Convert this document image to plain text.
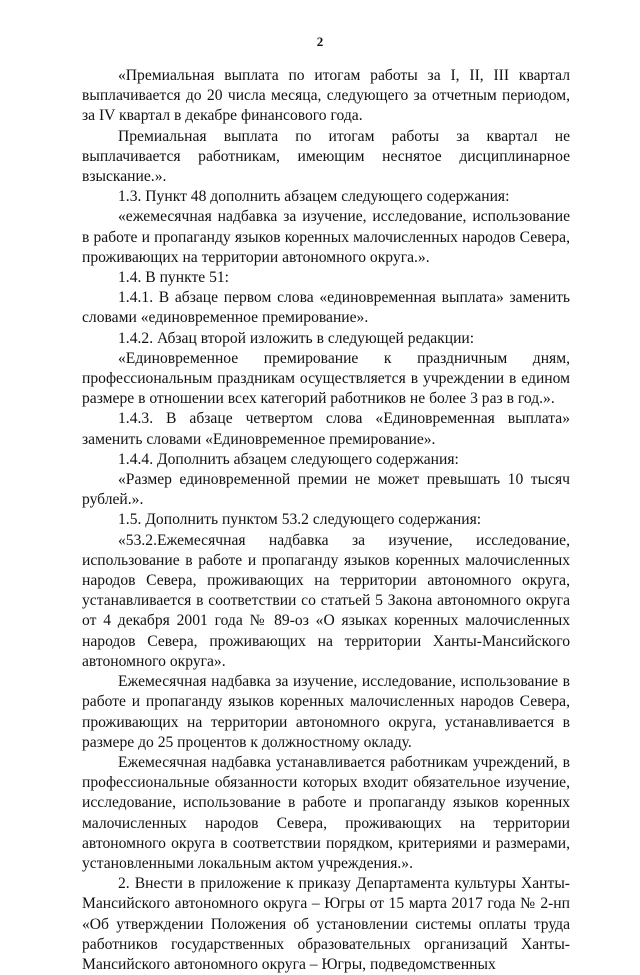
2

«Премиальная выплата по итогам работы за I, II, III квартал выплачивается до 20 числа месяца, следующего за отчетным периодом, за IV квартал в декабре финансового года.

Премиальная выплата по итогам работы за квартал не выплачивается работникам, имеющим неснятое дисциплинарное взыскание.».

1.3. Пункт 48 дополнить абзацем следующего содержания:

«ежемесячная надбавка за изучение, исследование, использование в работе и пропаганду языков коренных малочисленных народов Севера, проживающих на территории автономного округа.».

1.4. В пункте 51:

1.4.1. В абзаце первом слова «единовременная выплата» заменить словами «единовременное премирование».

1.4.2. Абзац второй изложить в следующей редакции:

«Единовременное премирование к праздничным дням, профессиональным праздникам осуществляется в учреждении в едином размере в отношении всех категорий работников не более 3 раз в год.».

1.4.3. В абзаце четвертом слова «Единовременная выплата» заменить словами «Единовременное премирование».

1.4.4. Дополнить абзацем следующего содержания:

«Размер единовременной премии не может превышать 10 тысяч рублей.».

1.5. Дополнить пунктом 53.2 следующего содержания:

«53.2.Ежемесячная надбавка за изучение, исследование, использование в работе и пропаганду языков коренных малочисленных народов Севера, проживающих на территории автономного округа, устанавливается в соответствии со статьей 5 Закона автономного округа от 4 декабря 2001 года № 89-оз «О языках коренных малочисленных народов Севера, проживающих на территории Ханты-Мансийского автономного округа».

Ежемесячная надбавка за изучение, исследование, использование в работе и пропаганду языков коренных малочисленных народов Севера, проживающих на территории автономного округа, устанавливается в размере до 25 процентов к должностному окладу.

Ежемесячная надбавка устанавливается работникам учреждений, в профессиональные обязанности которых входит обязательное изучение, исследование, использование в работе и пропаганду языков коренных малочисленных народов Севера, проживающих на территории автономного округа в соответствии порядком, критериями и размерами, установленными локальным актом учреждения.».

2. Внести в приложение к приказу Департамента культуры Ханты-Мансийского автономного округа – Югры от 15 марта 2017 года № 2-нп «Об утверждении Положения об установлении системы оплаты труда работников государственных образовательных организаций Ханты-Мансийского автономного округа – Югры, подведомственных
